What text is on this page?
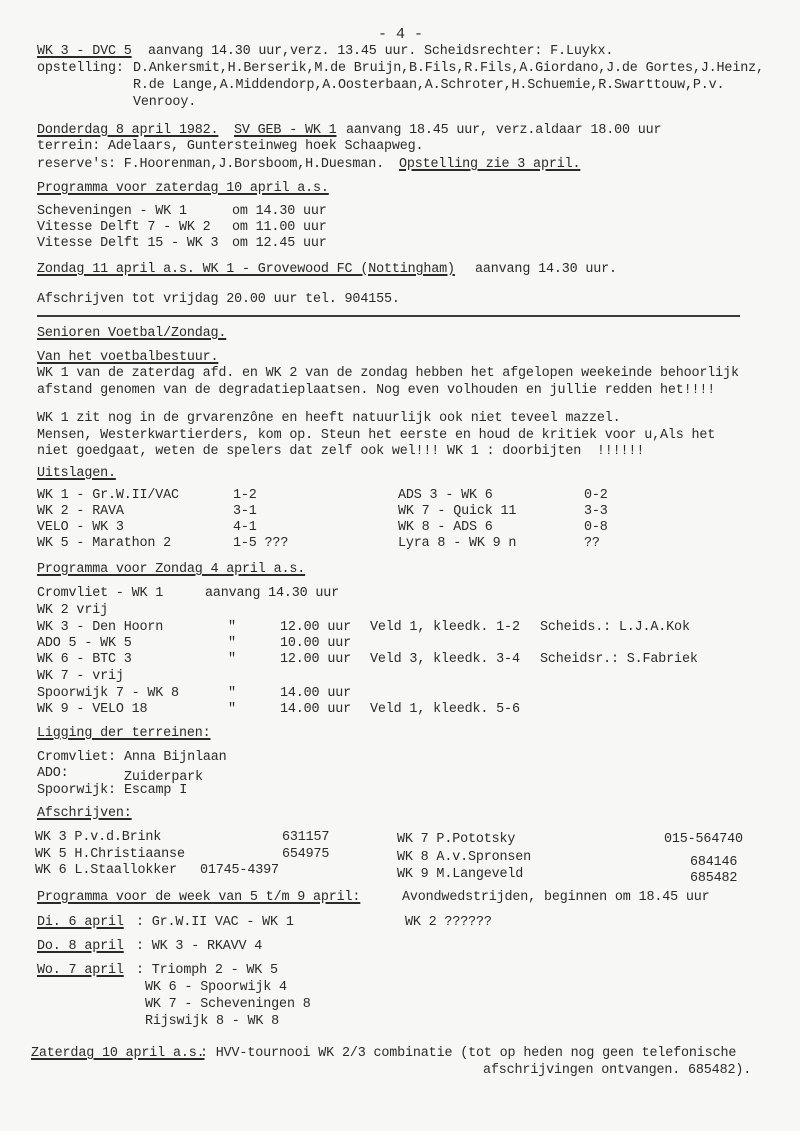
- 4 -
WK 3 - DVC 5 aanvang 14.30 uur,verz. 13.45 uur. Scheidsrechter: F.Luykx.
opstelling: D.Ankersmit,H.Berserik,M.de Bruijn,B.Fils,R.Fils,A.Giordano,J.de Gortes,J.Heinz,
R.de Lange,A.Middendorp,A.Oosterbaan,A.Schroter,H.Schuemie,R.Swarttouw,P.v.
Venrooy.
Donderdag 8 april 1982. SV GEB - WK 1 aanvang 18.45 uur, verz.aldaar 18.00 uur
terrein: Adelaars, Guntersteinweg hoek Schaapweg.
reserve's: F.Hoorenman,J.Borsboom,H.Duesman. Opstelling zie 3 april.
Programma voor zaterdag 10 april a.s.
Scheveningen - WK 1	om 14.30 uur
Vitesse Delft 7 - WK 2 om 11.00 uur
Vitesse Delft 15 - WK 3 om 12.45 uur
Zondag 11 april a.s. WK 1 - Grovewood FC (Nottingham) aanvang 14.30 uur.
Afschrijven tot vrijdag 20.00 uur tel. 904155.
Senioren Voetbal/Zondag.
Van het voetbalbestuur.
WK 1 van de zaterdag afd. en WK 2 van de zondag hebben het afgelopen weekeinde behoorlijk
afstand genomen van de degradatieplaatsen. Nog even volhouden en jullie redden het!!!!
WK 1 zit nog in de grvarenzône en heeft natuurlijk ook niet teveel mazzel.
Mensen, Westerkwartierders, kom op. Steun het eerste en houd de kritiek voor u,Als het
niet goedgaat, weten de spelers dat zelf ook wel!!! WK 1 : doorbijten  !!!!!!
Uitslagen.
WK 1 - Gr.W.II/VAC	1-2
WK 2 - RAVA	3-1
VELO - WK 3	4-1
WK 5 - Marathon 2	1-5 ???
ADS 3 - WK 6	0-2
WK 7 - Quick 11	3-3
WK 8 - ADS 6	0-8
Lyra 8 - WK 9 n	??
Programma voor Zondag 4 april a.s.
Cromvliet - WK 1	aanvang 14.30 uur
WK 2 vrij
WK 3 - Den Hoorn	"	12.00 uur Veld 1, kleedk. 1-2 Scheids.: L.J.A.Kok
ADO 5 - WK 5	"	10.00 uur
WK 6 - BTC 3	"	12.00 uur Veld 3, kleedk. 3-4 Scheidsr.: S.Fabriek
WK 7 - vrij
Spoorwijk 7 - WK 8	"	14.00 uur
WK 9 - VELO 18	"	14.00 uur Veld 1, kleedk. 5-6
Ligging der terreinen:
Cromvliet: Anna Bijnlaan
ADO:	Zuiderpark
Spoorwijk: Escamp I
Afschrijven:
WK 3 P.v.d.Brink	631157
WK 5 H.Christiaanse	654975
WK 6 L.Staallokker 01745-4397
WK 7 P.Pototsky	015-564740
WK 8 A.v.Spronsen	684146
WK 9 M.Langeveld	685482
Programma voor de week van 5 t/m 9 april:	Avondwedstrijden, beginnen om 18.45 uur
Di. 6 april : Gr.W.II VAC - WK 1	WK 2 ??????
Do. 8 april : WK 3 - RKAVV 4
Wo. 7 april : Triomph 2 - WK 5
WK 6 - Spoorwijk 4
WK 7 - Scheveningen 8
Rijswijk 8 - WK 8
Zaterdag 10 april a.s.
: HVV-tournooi WK 2/3 combinatie (tot op heden nog geen telefonische
afschrijvingen ontvangen. 685482).
